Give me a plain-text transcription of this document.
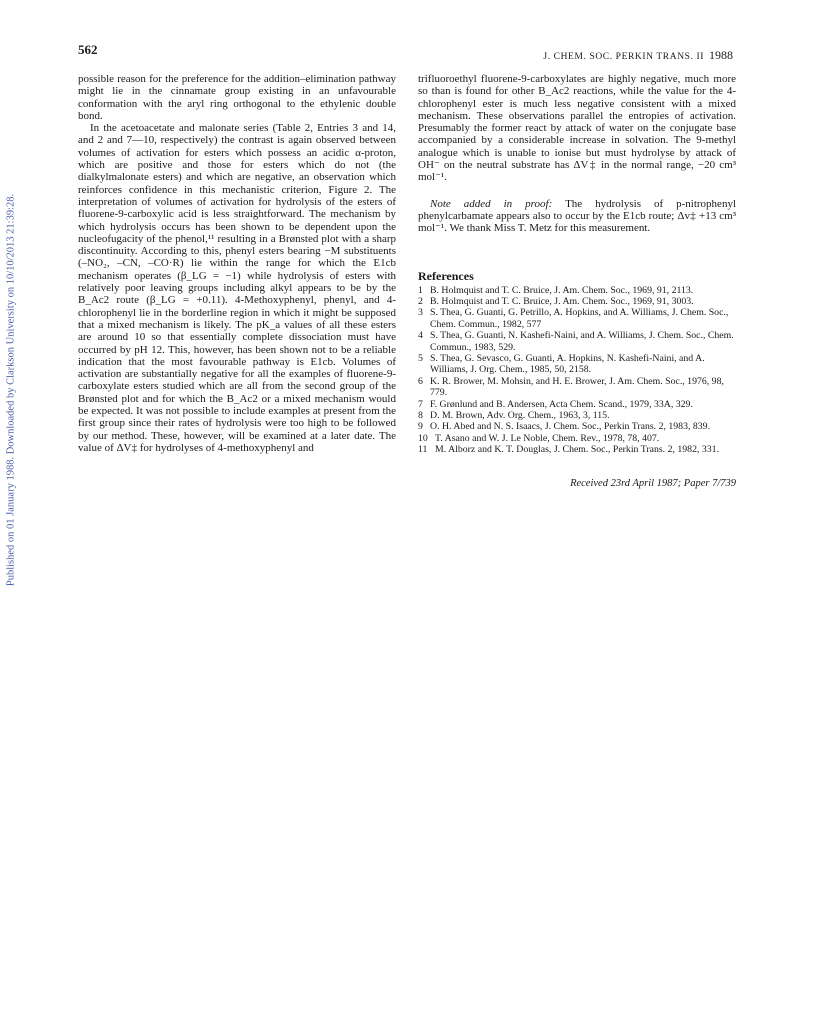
Published on 01 January 1988. Downloaded by Clarkson University on 10/10/2013 21:39:28.
562	J. CHEM. SOC. PERKIN TRANS. II 1988

possible reason for the preference for the addition–elimination pathway might lie in the cinnamate group existing in an unfavourable conformation with the aryl ring orthogonal to the ethylenic double bond.

In the acetoacetate and malonate series (Table 2, Entries 3 and 14, and 2 and 7—10, respectively) the contrast is again observed between volumes of activation for esters which possess an acidic α-proton, which are positive and those for esters which do not (the dialkylmalonate esters) and which are negative, an observation which reinforces confidence in this mechanistic criterion, Figure 2. The interpretation of volumes of activation for hydrolysis of the esters of fluorene-9-carboxylic acid is less straightforward. The mechanism by which hydrolysis occurs has been shown to be dependent upon the nucleofugacity of the phenol,¹¹ resulting in a Brønsted plot with a sharp discontinuity. According to this, phenyl esters bearing −M substituents (–NO₂, –CN, –CO·R) lie within the range for which the E1cb mechanism operates (β_LG = −1) while hydrolysis of esters with relatively poor leaving groups including alkyl appears to be by the B_Ac2 route (β_LG = +0.11). 4-Methoxyphenyl, phenyl, and 4-chlorophenyl lie in the borderline region in which it might be supposed that a mixed mechanism is likely. The pK_a values of all these esters are around 10 so that essentially complete dissociation must have occurred by pH 12. This, however, has been shown not to be a reliable indication that the most favourable pathway is E1cb. Volumes of activation are substantially negative for all the examples of fluorene-9-carboxylate esters studied which are all from the second group of the Brønsted plot and for which the B_Ac2 or a mixed mechanism would be expected. It was not possible to include examples at present from the first group since their rates of hydrolysis were too high to be followed by our method. These, however, will be examined at a later date. The value of ΔV‡ for hydrolyses of 4-methoxyphenyl and

trifluoroethyl fluorene-9-carboxylates are highly negative, much more so than is found for other B_Ac2 reactions, while the value for the 4-chlorophenyl ester is much less negative consistent with a mixed mechanism. These observations parallel the entropies of activation. Presumably the former react by attack of water on the conjugate base accompanied by a considerable increase in solvation. The 9-methyl analogue which is unable to ionise but must hydrolyse by attack of OH⁻ on the neutral substrate has ΔV‡ in the normal range, −20 cm³ mol⁻¹.

Note added in proof: The hydrolysis of p-nitrophenyl phenylcarbamate appears also to occur by the E1cb route; Δv‡ +13 cm³ mol⁻¹. We thank Miss T. Metz for this measurement.

References

1 B. Holmquist and T. C. Bruice, J. Am. Chem. Soc., 1969, 91, 2113.
2 B. Holmquist and T. C. Bruice, J. Am. Chem. Soc., 1969, 91, 3003.
3 S. Thea, G. Guanti, G. Petrillo, A. Hopkins, and A. Williams, J. Chem. Soc., Chem. Commun., 1982, 577
4 S. Thea, G. Guanti, N. Kashefi-Naini, and A. Williams, J. Chem. Soc., Chem. Commun., 1983, 529.
5 S. Thea, G. Sevasco, G. Guanti, A. Hopkins, N. Kashefi-Naini, and A. Williams, J. Org. Chem., 1985, 50, 2158.
6 K. R. Brower, M. Mohsin, and H. E. Brower, J. Am. Chem. Soc., 1976, 98, 779.
7 F. Grønlund and B. Andersen, Acta Chem. Scand., 1979, 33A, 329.
8 D. M. Brown, Adv. Org. Chem., 1963, 3, 115.
9 O. H. Abed and N. S. Isaacs, J. Chem. Soc., Perkin Trans. 2, 1983, 839.
10 T. Asano and W. J. Le Noble, Chem. Rev., 1978, 78, 407.
11 M. Alborz and K. T. Douglas, J. Chem. Soc., Perkin Trans. 2, 1982, 331.

Received 23rd April 1987; Paper 7/739
